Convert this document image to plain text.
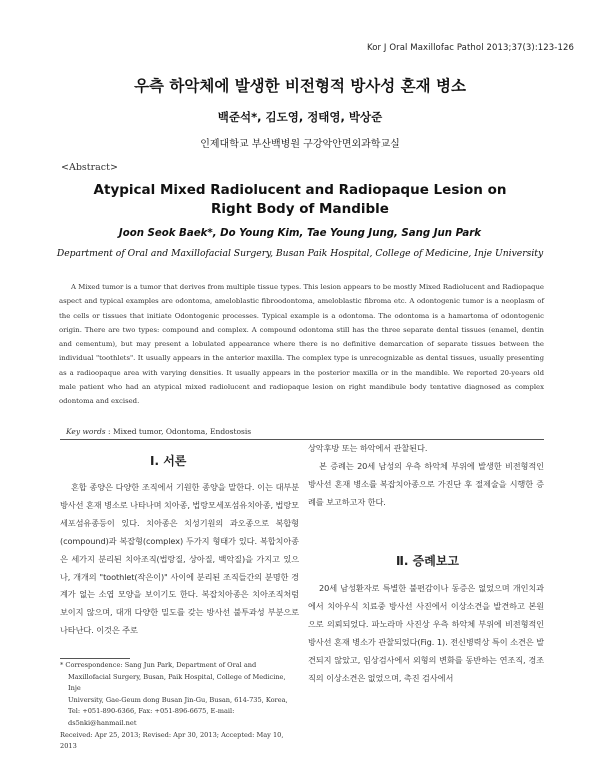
Kor J Oral Maxillofac Pathol 2013;37(3):123-126
우측 하악체에 발생한 비전형적 방사성 혼재 병소
백준석*, 김도영, 정태영, 박상준
인제대학교 부산백병원 구강악안면외과학교실
<Abstract>
Atypical Mixed Radiolucent and Radiopaque Lesion on
Right Body of Mandible
Joon Seok Baek*, Do Young Kim, Tae Young Jung, Sang Jun Park
Department of Oral and Maxillofacial Surgery, Busan Paik Hospital, College of Medicine, Inje University
A Mixed tumor is a tumor that derives from multiple tissue types. This lesion appears to be mostly Mixed Radiolucent and Radiopaque aspect and typical examples are odontoma, ameloblastic fibroodontoma, ameloblastic fibroma etc. A odontogenic tumor is a neoplasm of the cells or tissues that initiate Odontogenic processes. Typical example is a odontoma. The odontoma is a hamartoma of odontogenic origin. There are two types: compound and complex. A compound odontoma still has the three separate dental tissues (enamel, dentin and cementum), but may present a lobulated appearance where there is no definitive demarcation of separate tissues between the individual "toothlets". It usually appears in the anterior maxilla. The complex type is unrecognizable as dental tissues, usually presenting as a radioopaque area with varying densities. It usually appears in the posterior maxilla or in the mandible. We reported 20-years old male patient who had an atypical mixed radiolucent and radiopaque lesion on right mandibule body tentative diagnosed as complex odontoma and excised.
Key words : Mixed tumor, Odontoma, Endostosis
Ⅰ. 서론

혼합 종양은 다양한 조직에서 기원한 종양을 말한다. 이는 대부분 방사선 혼재 병소로 나타나며 치아종, 법랑모세포섬유치아종, 법랑모세포섬유종등이 있다. 치아종은 치성기원의 과오종으로 복합형(compound)과 복잡형(complex) 두가지 형태가 있다. 복합치아종은 세가지 분리된 치아조직(법랑질, 상아질, 백악질)을 가지고 있으나, 개개의 "toothlet(작은이)" 사이에 분리된 조직들간의 분명한 경계가 없는 소엽 모양을 보이기도 한다. 복잡치아종은 치아조직처럼 보이지 않으며, 대개 다양한 밀도를 갖는 방사선 불투과성 부분으로 나타난다. 이것은 주로

* Correspondence: Sang Jun Park, Department of Oral and
Maxillofacial Surgery, Busan, Paik Hospital, College of Medicine, Inje
University, Gae-Geum dong Busan Jin-Gu, Busan, 614-735, Korea,
Tel: +051-890-6366, Fax: +051-896-6675, E-mail: ds5nki@hanmail.net
Received: Apr 25, 2013; Revised: Apr 30, 2013; Accepted: May 10, 2013

상악후방 또는 하악에서 관찰된다.

본 증례는 20세 남성의 우측 하악체 부위에 발생한 비전형적인 방사선 혼재 병소를 복잡치아종으로 가진단 후 절제술을 시행한 증례를 보고하고자 한다.

Ⅱ. 증례보고

20세 남성환자로 특별한 불편감이나 동증은 없었으며 개인치과에서 치아우식 치료중 방사선 사진에서 이상소견을 발견하고 본원으로 의뢰되었다. 파노라마 사진상 우측 하악체 부위에 비전형적인 방사선 혼재 병소가 관찰되었다(Fig. 1). 전신병력상 특이 소견은 발견되지 않았고, 임상검사에서 외형의 변화를 동반하는 연조직, 경조직의 이상소견은 없었으며, 촉진 검사에서
